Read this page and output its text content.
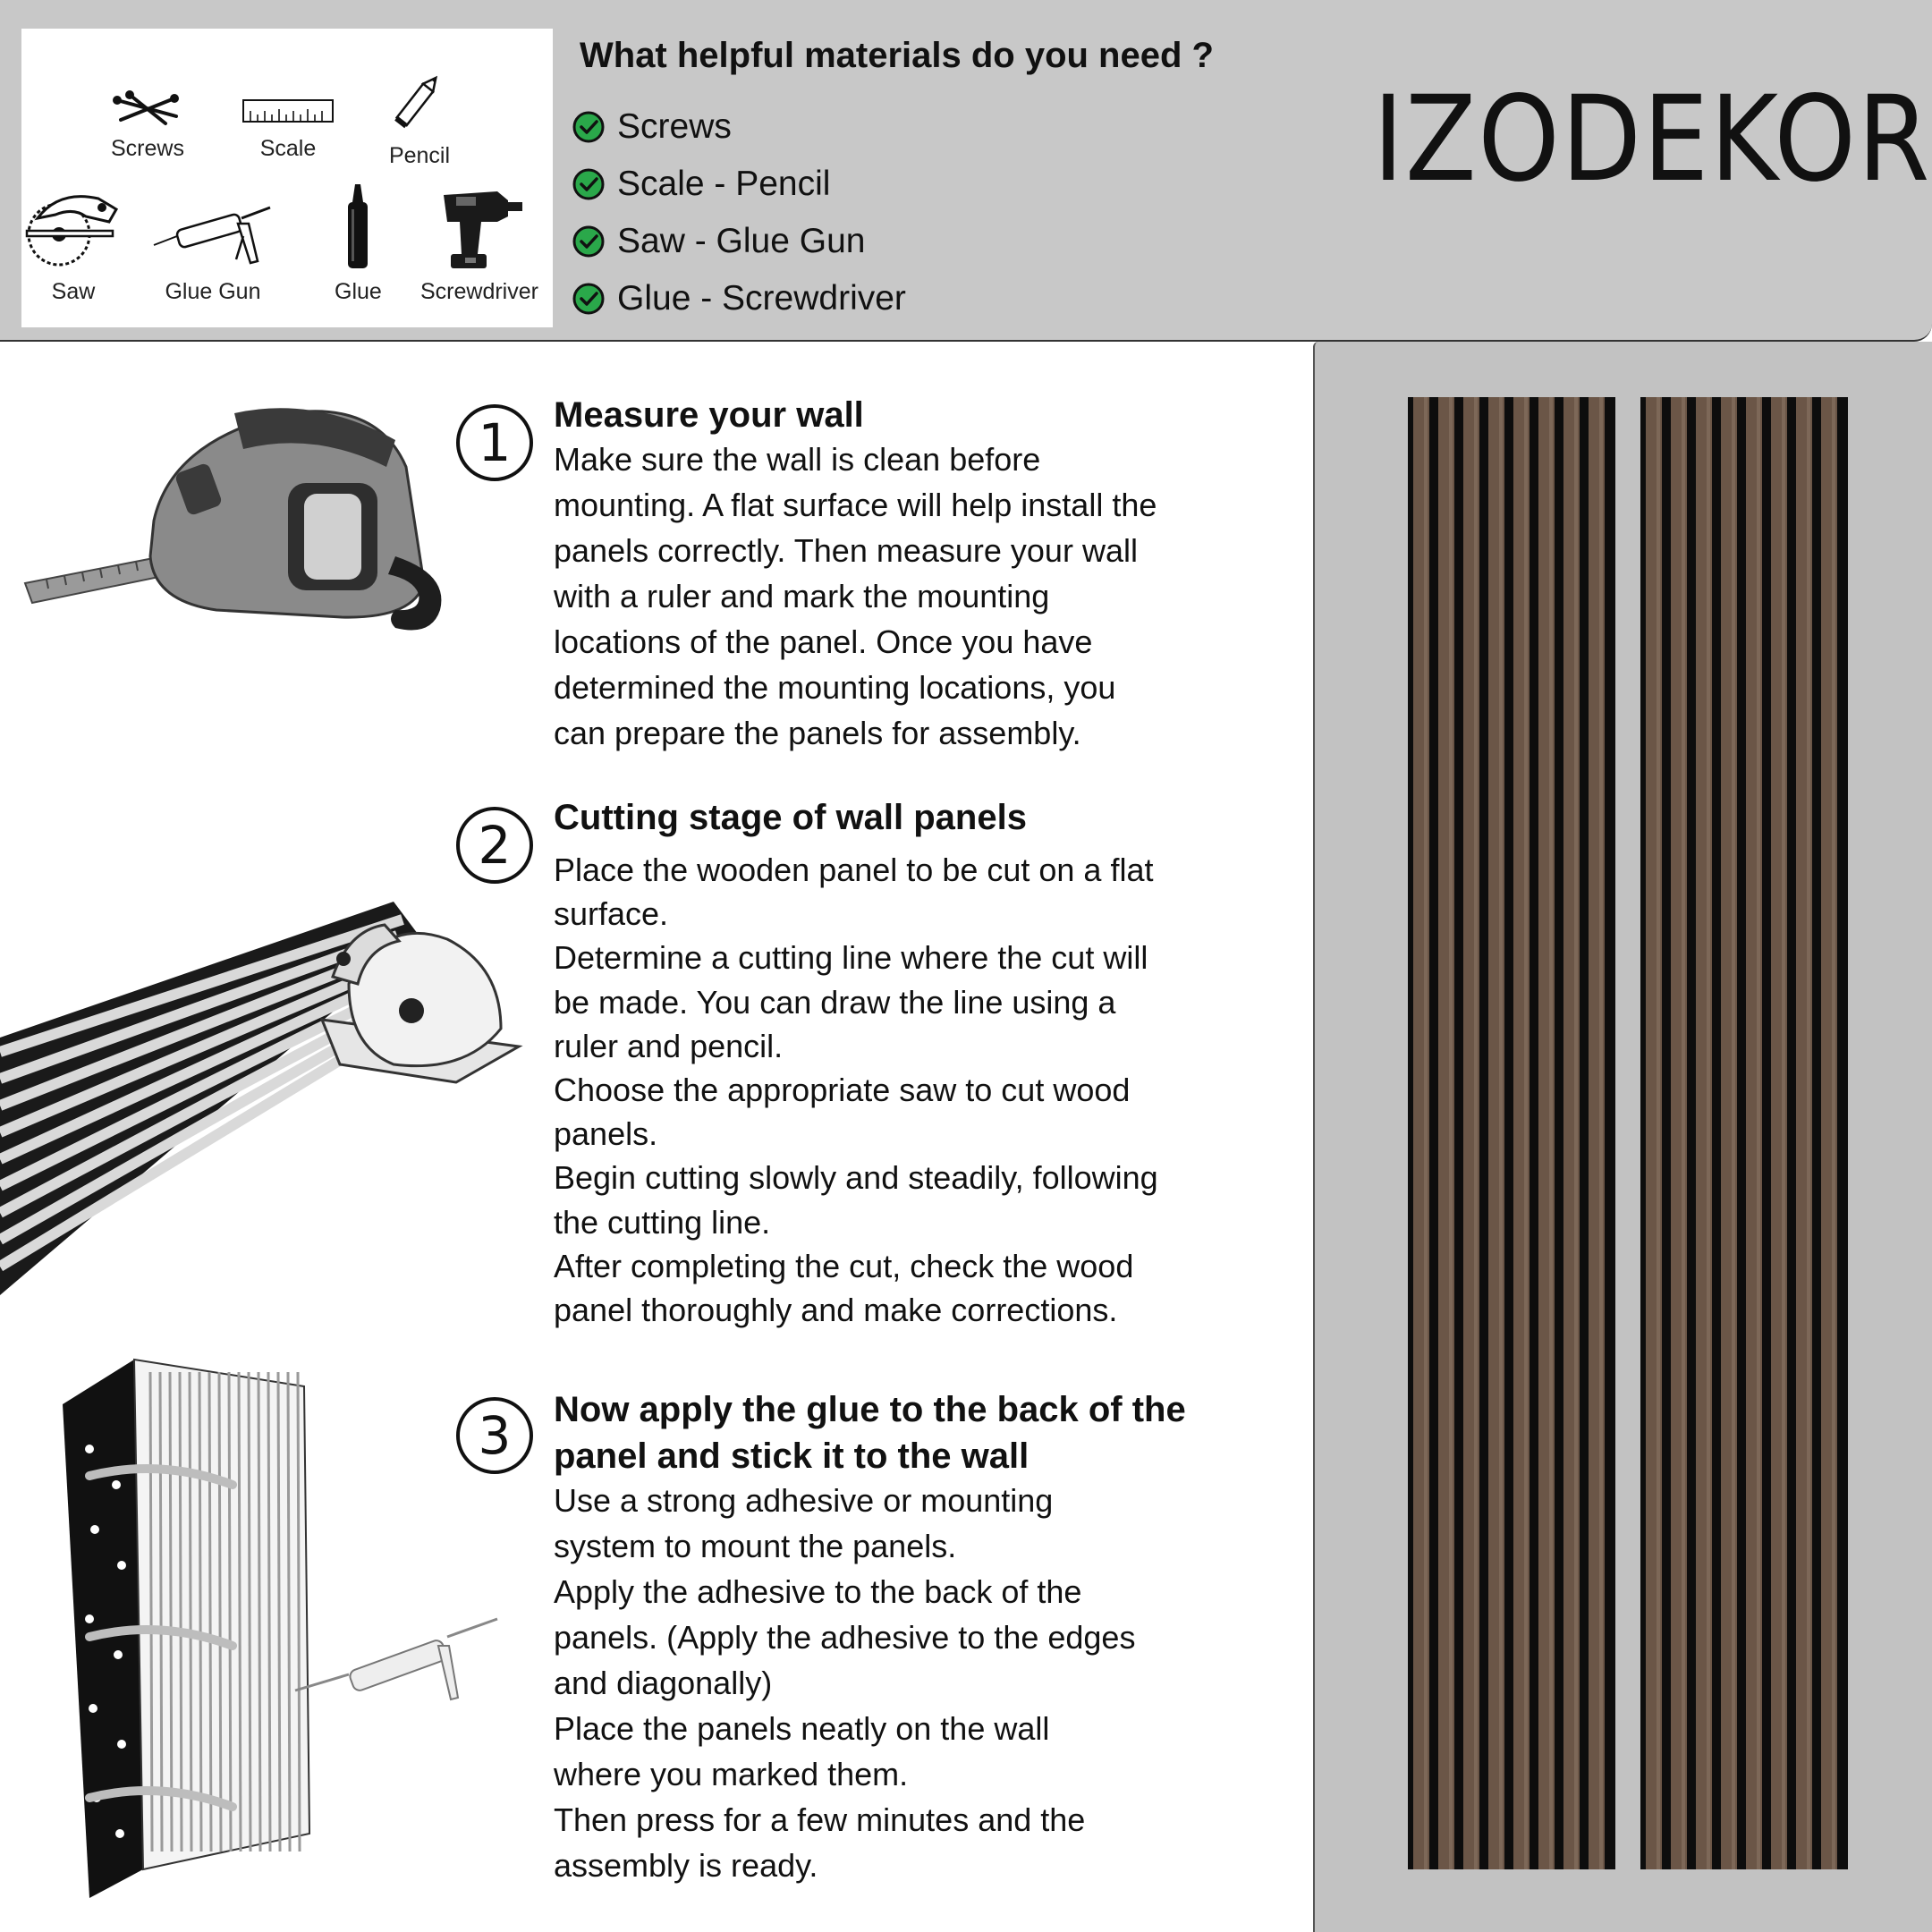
Screws	Scale	Pencil
Saw	Glue Gun	Glue Screwdriver
What helpful materials do you need ?
Screws
Scale - Pencil
Saw - Glue Gun
Glue - Screwdriver
IZODEKOR
1	Measure your wall
Make sure the wall is clean before
mounting. A flat surface will help install the
panels correctly. Then measure your wall
with a ruler and mark the mounting
locations of the panel. Once you have
determined the mounting locations, you
can prepare the panels for assembly.
2	Cutting stage of wall panels
Place the wooden panel to be cut on a flat
surface.
Determine a cutting line where the cut will
be made. You can draw the line using a
ruler and pencil.
Choose the appropriate saw to cut wood
panels.
Begin cutting slowly and steadily, following
the cutting line.
After completing the cut, check the wood
panel thoroughly and make corrections.
3	Now apply the glue to the back of the
panel and stick it to the wall
Use a strong adhesive or mounting
system to mount the panels.
Apply the adhesive to the back of the
panels. (Apply the adhesive to the edges
and diagonally)
Place the panels neatly on the wall
where you marked them.
Then press for a few minutes and the
assembly is ready.
